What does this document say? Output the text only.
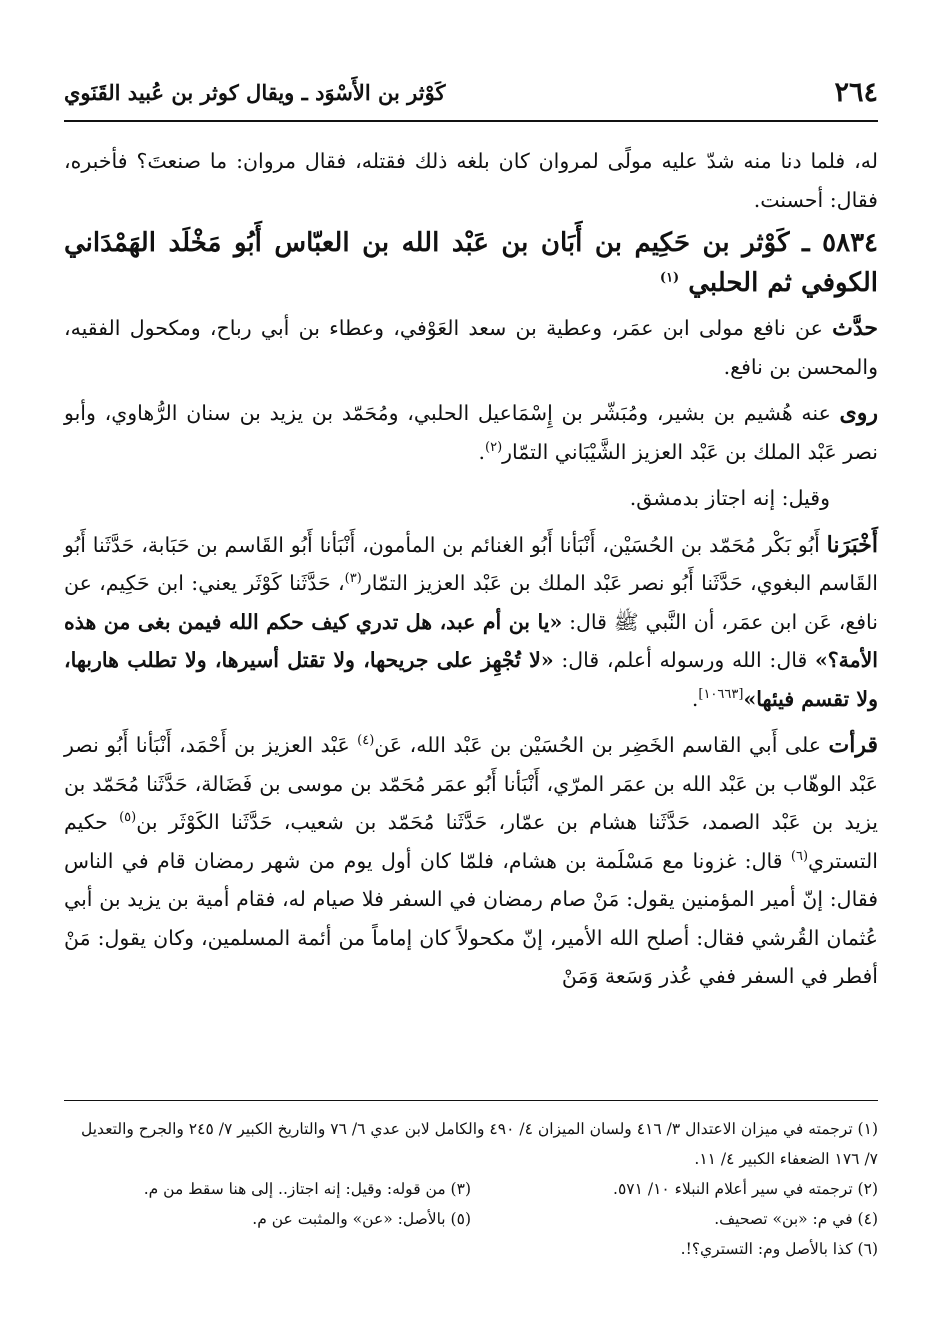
٢٦٤
كَوْثر بن الأَسْوَد ـ ويقال كوثر بن عُبيد القَنَوي

له، فلما دنا منه شدّ عليه مولًى لمروان كان بلغه ذلك فقتله، فقال مروان: ما صنعتَ؟ فأخبره، فقال: أحسنت.

٥٨٣٤ ـ كَوْثر بن حَكِيم بن أَبَان بن عَبْد الله بن العبّاس أَبُو مَخْلَد الهَمْدَاني الكوفي ثم الحلبي $^{(١)}$

حدَّث عن نافع مولى ابن عمَر، وعطية بن سعد العَوْفي، وعطاء بن أبي رباح، ومكحول الفقيه، والمحسن بن نافع.

روى عنه هُشيم بن بشير، ومُبَشّر بن إِسْمَاعيل الحلبي، ومُحَمّد بن يزيد بن سنان الرُّهاوي، وأبو نصر عَبْد الملك بن عَبْد العزيز الشَّيْبَاني التمّار$^{(٢)}$.

وقيل: إنه اجتاز بدمشق.

أَخْبَرَنا أَبُو بَكْر مُحَمّد بن الحُسَيْن، أَنْبَأنا أَبُو الغنائم بن المأمون، أَنْبَأنا أَبُو القَاسم بن حَبَابة، حَدَّثَنا أَبُو القَاسم البغوي، حَدَّثَنا أَبُو نصر عَبْد الملك بن عَبْد العزيز التمّار$^{(٣)}$، حَدَّثَنا كَوْثَر يعني: ابن حَكِيم، عن نافع، عَن ابن عمَر، أن النَّبي ﷺ قال: «يا بن أم عبد، هل تدري كيف حكم الله فيمن بغى من هذه الأمة؟» قال: الله ورسوله أعلم، قال: «لا تُجْهِز على جريحها، ولا تقتل أسيرها، ولا تطلب هاربها، ولا تقسم فيئها»[١٠٦٦٣].

قرأت على أَبي القاسم الخَضِر بن الحُسَيْن بن عَبْد الله، عَن$^{(٤)}$ عَبْد العزيز بن أَحْمَد، أَنْبَأنا أَبُو نصر عَبْد الوهّاب بن عَبْد الله بن عمَر المرّي، أَنْبَأنا أَبُو عمَر مُحَمّد بن موسى بن فَضَالة، حَدَّثَنا مُحَمّد بن يزيد بن عَبْد الصمد، حَدَّثَنا هشام بن عمّار، حَدَّثَنا مُحَمّد بن شعيب، حَدَّثَنا الكَوْثَر بن$^{(٥)}$ حكيم التستري$^{(٦)}$ قال: غزونا مع مَسْلَمة بن هشام، فلمّا كان أول يوم من شهر رمضان قام في الناس فقال: إنّ أمير المؤمنين يقول: مَنْ صام رمضان في السفر فلا صيام له، فقام أمية بن يزيد بن أبي عُثمان القُرشي فقال: أصلح الله الأمير، إنّ مكحولاً كان إماماً من أئمة المسلمين، وكان يقول: مَنْ أفطر في السفر ففي عُذر وَسَعة وَمَنْ

(١) ترجمته في ميزان الاعتدال ٣/ ٤١٦ ولسان الميزان ٤/ ٤٩٠ والكامل لابن عدي ٦/ ٧٦ والتاريخ الكبير ٧/ ٢٤٥ والجرح والتعديل ٧/ ١٧٦ الضعفاء الكبير ٤/ ١١.
(٢) ترجمته في سير أعلام النبلاء ١٠/ ٥٧١.
(٣) من قوله: وقيل: إنه اجتاز.. إلى هنا سقط من م.
(٤) في م: «بن» تصحيف.
(٥) بالأصل: «عن» والمثبت عن م.
(٦) كذا بالأصل وم: التستري؟!.
